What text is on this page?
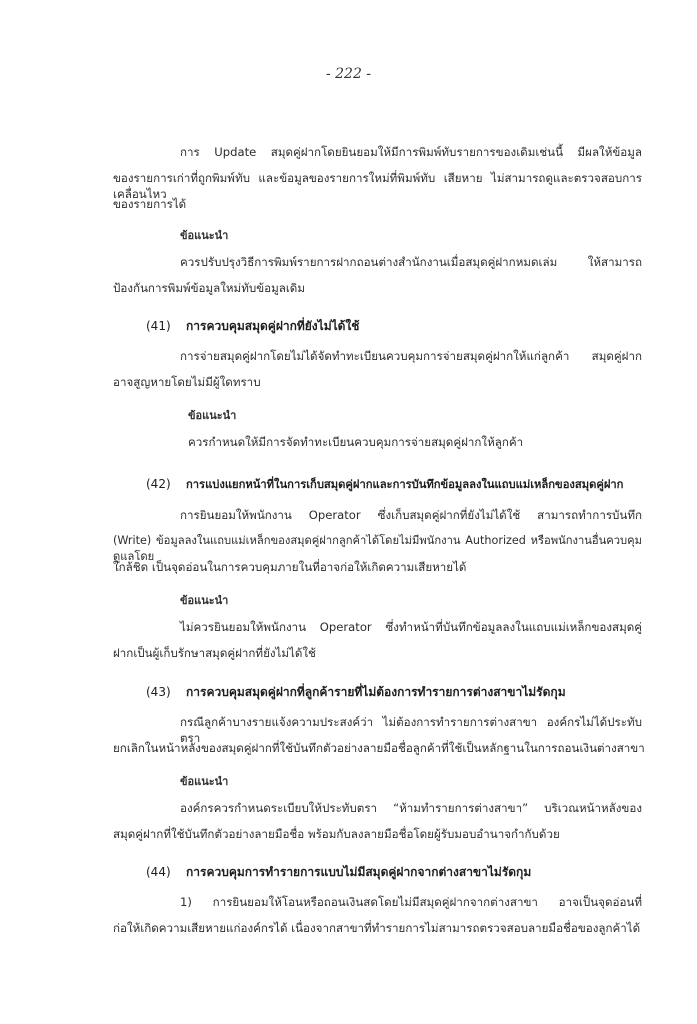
- 222 -
การ Update สมุดคู่ฝากโดยยินยอมให้มีการพิมพ์ทับรายการของเดิมเช่นนี้ มีผลให้ข้อมูล
ของรายการเก่าที่ถูกพิมพ์ทับ และข้อมูลของรายการใหม่ที่พิมพ์ทับ เสียหาย ไม่สามารถดูและตรวจสอบการเคลื่อนไหว
ของรายการได้
ข้อแนะนำ
ควรปรับปรุงวิธีการพิมพ์รายการฝากถอนต่างสำนักงานเมื่อสมุดคู่ฝากหมดเล่ม ให้สามารถ
ป้องกันการพิมพ์ข้อมูลใหม่ทับข้อมูลเดิม
(41) การควบคุมสมุดคู่ฝากที่ยังไม่ได้ใช้
การจ่ายสมุดคู่ฝากโดยไม่ได้จัดทำทะเบียนควบคุมการจ่ายสมุดคู่ฝากให้แก่ลูกค้า สมุดคู่ฝาก
อาจสูญหายโดยไม่มีผู้ใดทราบ
ข้อแนะนำ
ควรกำหนดให้มีการจัดทำทะเบียนควบคุมการจ่ายสมุดคู่ฝากให้ลูกค้า
(42) การแบ่งแยกหน้าที่ในการเก็บสมุดคู่ฝากและการบันทึกข้อมูลลงในแถบแม่เหล็กของสมุดคู่ฝาก
การยินยอมให้พนักงาน Operator ซึ่งเก็บสมุดคู่ฝากที่ยังไม่ได้ใช้ สามารถทำการบันทึก
(Write) ข้อมูลลงในแถบแม่เหล็กของสมุดคู่ฝากลูกค้าได้โดยไม่มีพนักงาน Authorized หรือพนักงานอื่นควบคุมดูแลโดย
ใกล้ชิด เป็นจุดอ่อนในการควบคุมภายในที่อาจก่อให้เกิดความเสียหายได้
ข้อแนะนำ
ไม่ควรยินยอมให้พนักงาน Operator ซึ่งทำหน้าที่บันทึกข้อมูลลงในแถบแม่เหล็กของสมุดคู่
ฝากเป็นผู้เก็บรักษาสมุดคู่ฝากที่ยังไม่ได้ใช้
(43) การควบคุมสมุดคู่ฝากที่ลูกค้ารายที่ไม่ต้องการทำรายการต่างสาขาไม่รัดกุม
กรณีลูกค้าบางรายแจ้งความประสงค์ว่า ไม่ต้องการทำรายการต่างสาขา องค์กรไม่ได้ประทับตรา
ยกเลิกในหน้าหลังของสมุดคู่ฝากที่ใช้บันทึกตัวอย่างลายมือชื่อลูกค้าที่ใช้เป็นหลักฐานในการถอนเงินต่างสาขา
ข้อแนะนำ
องค์กรควรกำหนดระเบียบให้ประทับตรา “ห้ามทำรายการต่างสาขา” บริเวณหน้าหลังของ
สมุดคู่ฝากที่ใช้บันทึกตัวอย่างลายมือชื่อ พร้อมกับลงลายมือชื่อโดยผู้รับมอบอำนาจกำกับด้วย
(44) การควบคุมการทำรายการแบบไม่มีสมุดคู่ฝากจากต่างสาขาไม่รัดกุม
1) การยินยอมให้โอนหรือถอนเงินสดโดยไม่มีสมุดคู่ฝากจากต่างสาขา อาจเป็นจุดอ่อนที่
ก่อให้เกิดความเสียหายแก่องค์กรได้ เนื่องจากสาขาที่ทำรายการไม่สามารถตรวจสอบลายมือชื่อของลูกค้าได้
